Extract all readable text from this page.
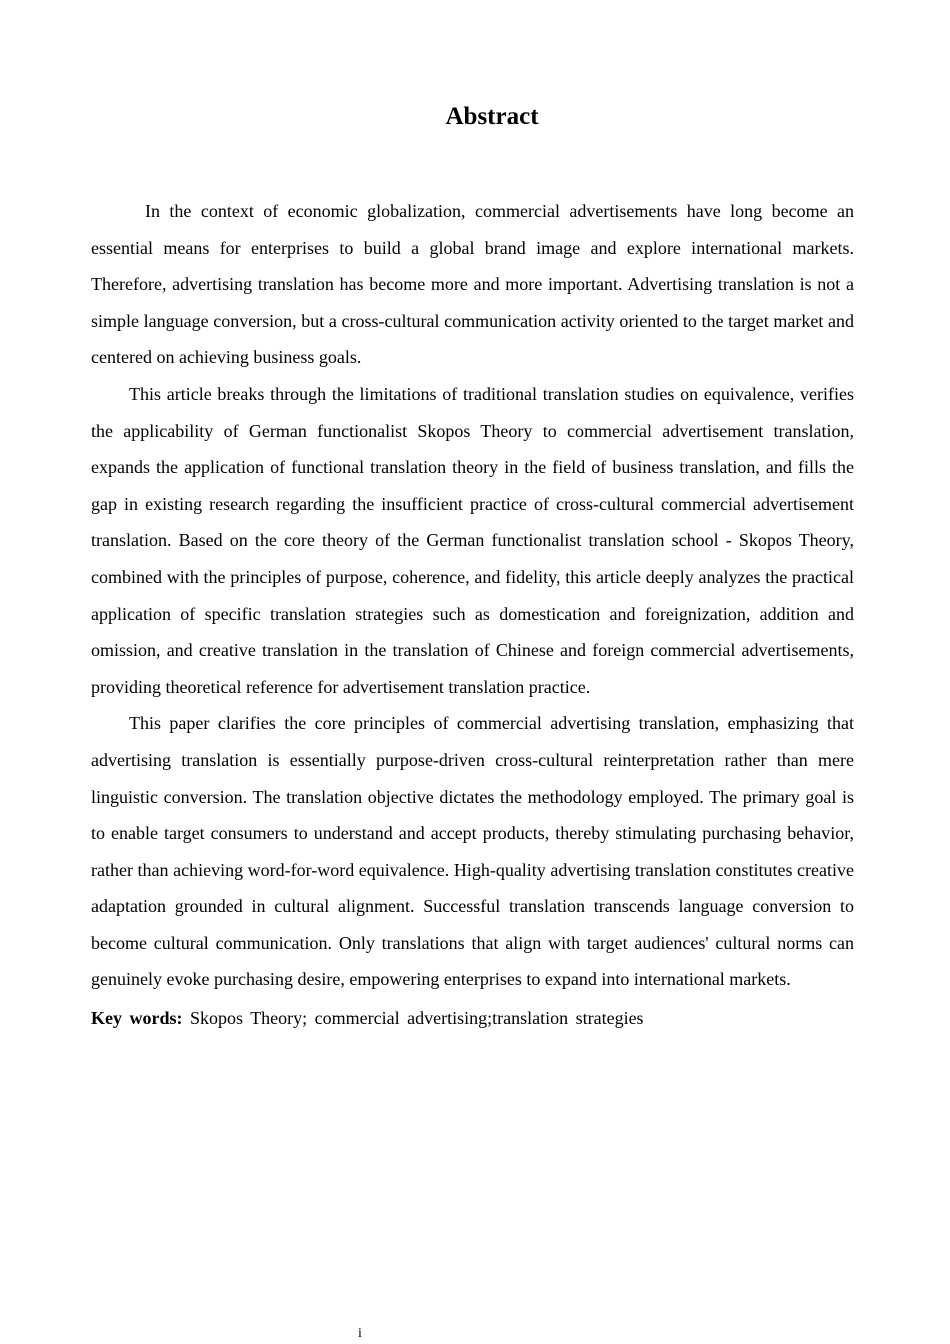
Abstract

In the context of economic globalization, commercial advertisements have long become an essential means for enterprises to build a global brand image and explore international markets. Therefore, advertising translation has become more and more important. Advertising translation is not a simple language conversion, but a cross-cultural communication activity oriented to the target market and centered on achieving business goals.

This article breaks through the limitations of traditional translation studies on equivalence, verifies the applicability of German functionalist Skopos Theory to commercial advertisement translation, expands the application of functional translation theory in the field of business translation, and fills the gap in existing research regarding the insufficient practice of cross-cultural commercial advertisement translation. Based on the core theory of the German functionalist translation school - Skopos Theory, combined with the principles of purpose, coherence, and fidelity, this article deeply analyzes the practical application of specific translation strategies such as domestication and foreignization, addition and omission, and creative translation in the translation of Chinese and foreign commercial advertisements, providing theoretical reference for advertisement translation practice.

This paper clarifies the core principles of commercial advertising translation, emphasizing that advertising translation is essentially purpose-driven cross-cultural reinterpretation rather than mere linguistic conversion. The translation objective dictates the methodology employed. The primary goal is to enable target consumers to understand and accept products, thereby stimulating purchasing behavior, rather than achieving word-for-word equivalence. High-quality advertising translation constitutes creative adaptation grounded in cultural alignment. Successful translation transcends language conversion to become cultural communication. Only translations that align with target audiences' cultural norms can genuinely evoke purchasing desire, empowering enterprises to expand into international markets.

Key words: Skopos Theory; commercial advertising;translation strategies

i
